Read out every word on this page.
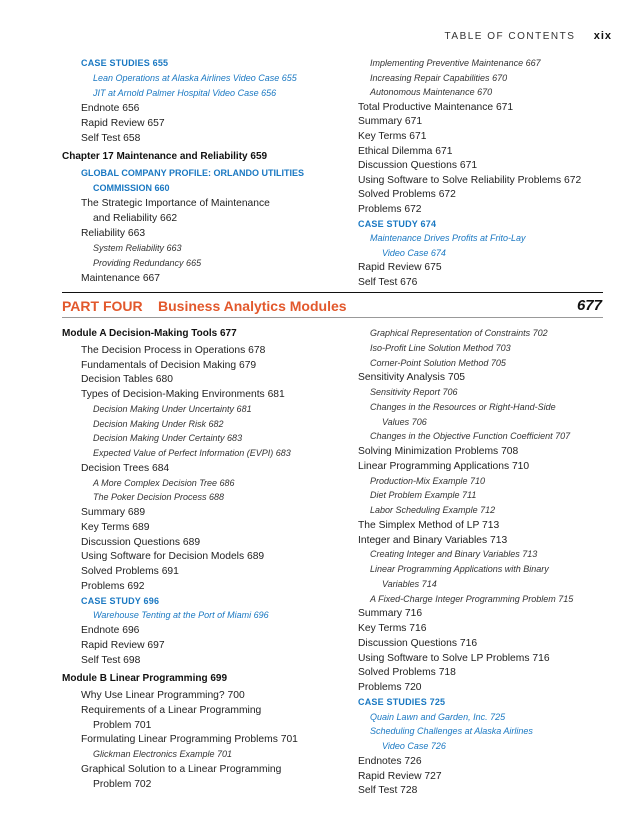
TABLE OF CONTENTS xix
CASE STUDIES 655
Lean Operations at Alaska Airlines Video Case 655
JIT at Arnold Palmer Hospital Video Case 656
Endnote 656
Rapid Review 657
Self Test 658
Chapter 17 Maintenance and Reliability 659
GLOBAL COMPANY PROFILE: ORLANDO UTILITIES
COMMISSION 660
The Strategic Importance of Maintenance
and Reliability 662
Reliability 663
System Reliability 663
Providing Redundancy 665
Maintenance 667
Implementing Preventive Maintenance 667
Increasing Repair Capabilities 670
Autonomous Maintenance 670
Total Productive Maintenance 671
Summary 671
Key Terms 671
Ethical Dilemma 671
Discussion Questions 671
Using Software to Solve Reliability Problems 672
Solved Problems 672
Problems 672
CASE STUDY 674
Maintenance Drives Profits at Frito-Lay
Video Case 674
Rapid Review 675
Self Test 676
PART FOUR Business Analytics Modules	677
Module A Decision-Making Tools 677
The Decision Process in Operations 678
Fundamentals of Decision Making 679
Decision Tables 680
Types of Decision-Making Environments 681
Decision Making Under Uncertainty 681
Decision Making Under Risk 682
Decision Making Under Certainty 683
Expected Value of Perfect Information (EVPI) 683
Decision Trees 684
A More Complex Decision Tree 686
The Poker Decision Process 688
Summary 689
Key Terms 689
Discussion Questions 689
Using Software for Decision Models 689
Solved Problems 691
Problems 692
CASE STUDY 696
Warehouse Tenting at the Port of Miami 696
Endnote 696
Rapid Review 697
Self Test 698
Module B Linear Programming 699
Why Use Linear Programming? 700
Requirements of a Linear Programming
Problem 701
Formulating Linear Programming Problems 701
Glickman Electronics Example 701
Graphical Solution to a Linear Programming
Problem 702
Graphical Representation of Constraints 702
Iso-Profit Line Solution Method 703
Corner-Point Solution Method 705
Sensitivity Analysis 705
Sensitivity Report 706
Changes in the Resources or Right-Hand-Side
Values 706
Changes in the Objective Function Coefficient 707
Solving Minimization Problems 708
Linear Programming Applications 710
Production-Mix Example 710
Diet Problem Example 711
Labor Scheduling Example 712
The Simplex Method of LP 713
Integer and Binary Variables 713
Creating Integer and Binary Variables 713
Linear Programming Applications with Binary
Variables 714
A Fixed-Charge Integer Programming Problem 715
Summary 716
Key Terms 716
Discussion Questions 716
Using Software to Solve LP Problems 716
Solved Problems 718
Problems 720
CASE STUDIES 725
Quain Lawn and Garden, Inc. 725
Scheduling Challenges at Alaska Airlines
Video Case 726
Endnotes 726
Rapid Review 727
Self Test 728
